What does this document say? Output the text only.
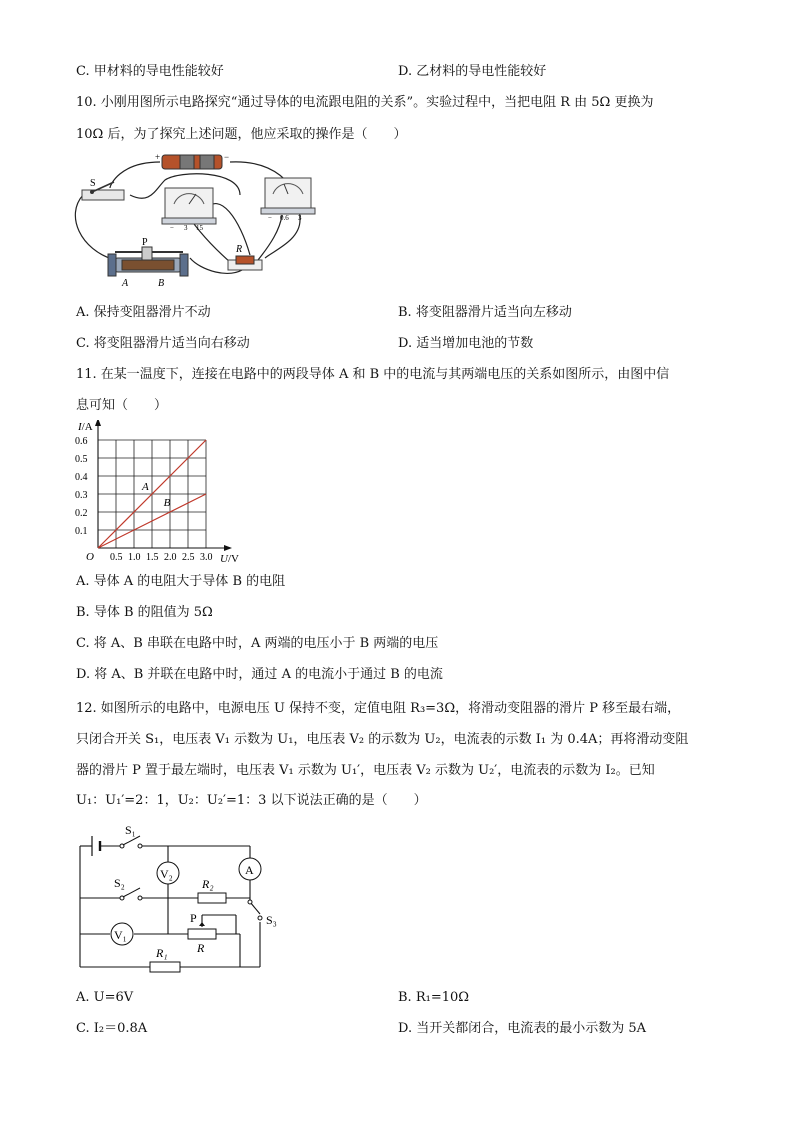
C. 甲材料的导电性能较好	D. 乙材料的导电性能较好
10. 小刚用图所示电路探究“通过导体的电流跟电阻的关系”。实验过程中，当把电阻 R 由 5Ω 更换为
10Ω 后，为了探究上述问题，他应采取的操作是（　　）
+	−
S
− 3 15
− 0.6 3
P
A	B
R
A. 保持变阻器滑片不动	B. 将变阻器滑片适当向左移动
C. 将变阻器滑片适当向右移动	D. 适当增加电池的节数
11. 在某一温度下，连接在电路中的两段导体 A 和 B 中的电流与其两端电压的关系如图所示，由图中信
息可知（　　）
0.5 1.0 1.5 2.0 2.5 3.0
0.1
0.2
0.3
0.4
0.5
0.6
O	U/V
I/A
A
B
A. 导体 A 的电阻大于导体 B 的电阻
B. 导体 B 的阻值为 5Ω
C. 将 A、B 串联在电路中时，A 两端的电压小于 B 两端的电压
D. 将 A、B 并联在电路中时，通过 A 的电流小于通过 B 的电流
12. 如图所示的电路中，电源电压 U 保持不变，定值电阻 R₃=3Ω，将滑动变阻器的滑片 P 移至最右端，
只闭合开关 S₁，电压表 V₁ 示数为 U₁，电压表 V₂ 的示数为 U₂，电流表的示数 I₁ 为 0.4A；再将滑动变阻
器的滑片 P 置于最左端时，电压表 V₁ 示数为 U₁′，电压表 V₂ 示数为 U₂′，电流表的示数为 I₂。已知
U₁：U₁′=2：1，U₂：U₂′=1：3 以下说法正确的是（　　）
S₁
S₂
S₃
V₂	A
V₁
R₂
P
R
R₁
A. U=6V	B. R₁=10Ω
C. I₂＝0.8A	D. 当开关都闭合，电流表的最小示数为 5A
